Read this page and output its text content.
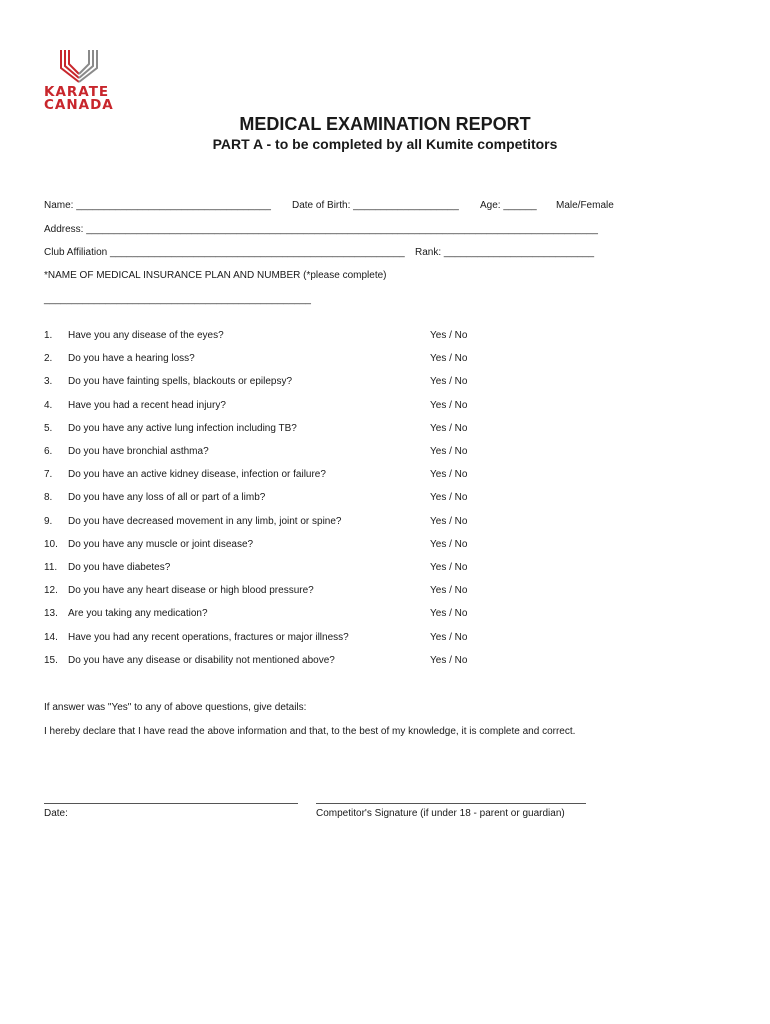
KARATE
CANADA
MEDICAL EXAMINATION REPORT
PART A - to be completed by all Kumite competitors
Name: ___________________________________ Date of Birth: ___________________ Age: ______ Male/Female
Address: ____________________________________________________________________________________________
Club Affiliation _____________________________________________________ Rank: ___________________________
*NAME OF MEDICAL INSURANCE PLAN AND NUMBER (*please complete)
________________________________________________
1. Have you any disease of the eyes?	Yes / No
2. Do you have a hearing loss?	Yes / No
3. Do you have fainting spells, blackouts or epilepsy?	Yes / No
4. Have you had a recent head injury?	Yes / No
5. Do you have any active lung infection including TB?	Yes / No
6. Do you have bronchial asthma?	Yes / No
7. Do you have an active kidney disease, infection or failure?	Yes / No
8. Do you have any loss of all or part of a limb?	Yes / No
9. Do you have decreased movement in any limb, joint or spine?	Yes / No
10. Do you have any muscle or joint disease?	Yes / No
11. Do you have diabetes?	Yes / No
12. Do you have any heart disease or high blood pressure?	Yes / No
13. Are you taking any medication?	Yes / No
14. Have you had any recent operations, fractures or major illness?	Yes / No
15. Do you have any disease or disability not mentioned above?	Yes / No
If answer was "Yes" to any of above questions, give details:
I hereby declare that I have read the above information and that, to the best of my knowledge, it is complete and correct.
Date:	Competitor's Signature (if under 18 - parent or guardian)
